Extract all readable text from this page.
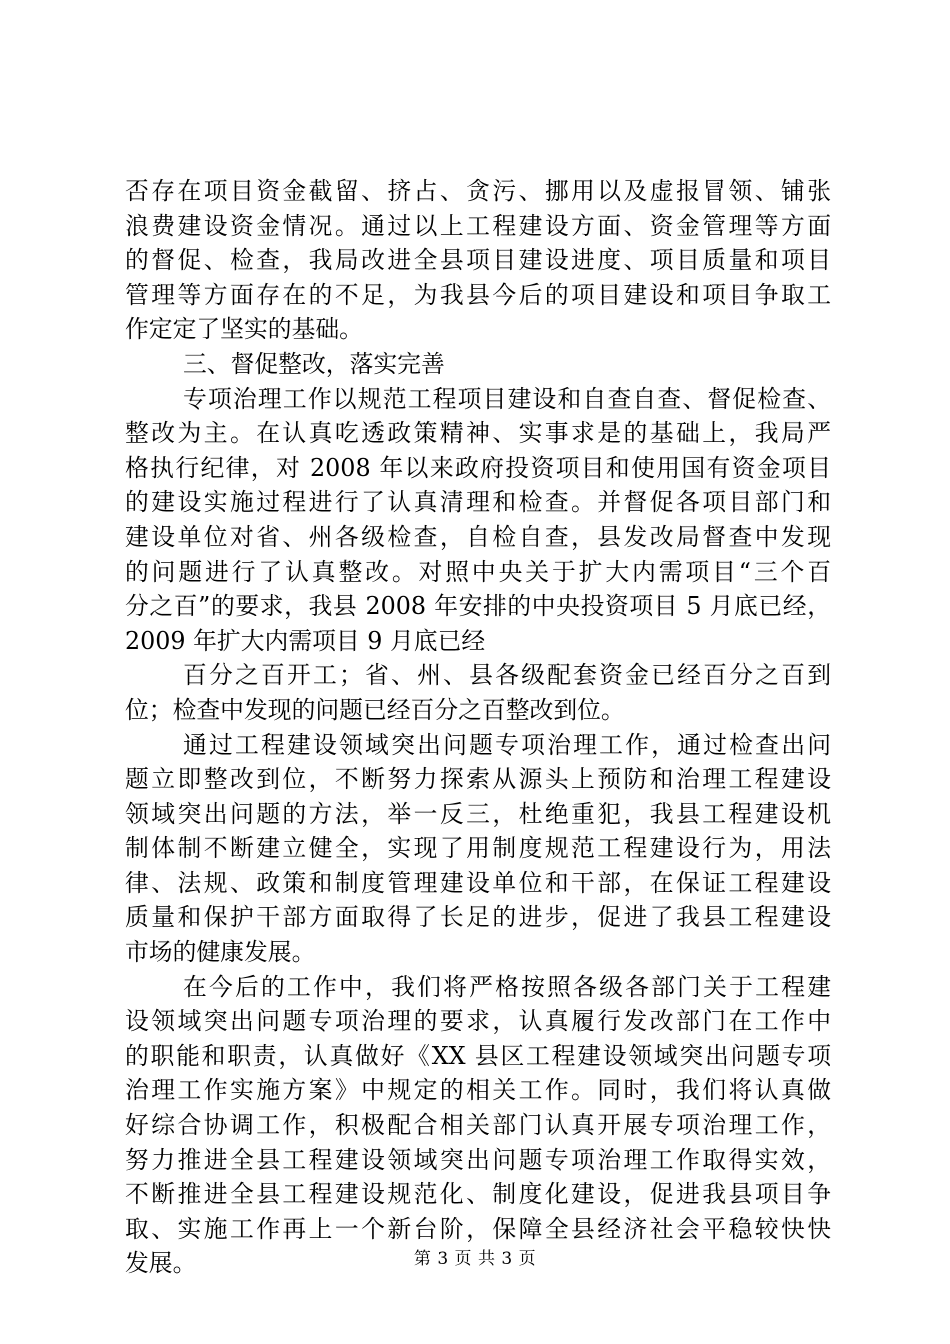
否存在项目资金截留、挤占、贪污、挪用以及虚报冒领、铺张
浪费建设资金情况。通过以上工程建设方面、资金管理等方面
的督促、检查，我局改进全县项目建设进度、项目质量和项目
管理等方面存在的不足，为我县今后的项目建设和项目争取工
作定定了坚实的基础。
三、督促整改，落实完善
专项治理工作以规范工程项目建设和自查自查、督促检查、
整改为主。在认真吃透政策精神、实事求是的基础上，我局严
格执行纪律，对 2008 年以来政府投资项目和使用国有资金项目
的建设实施过程进行了认真清理和检查。并督促各项目部门和
建设单位对省、州各级检查，自检自查，县发改局督查中发现
的问题进行了认真整改。对照中央关于扩大内需项目“三个百
分之百”的要求，我县 2008 年安排的中央投资项目 5 月底已经，
2009 年扩大内需项目 9 月底已经
百分之百开工；省、州、县各级配套资金已经百分之百到
位；检查中发现的问题已经百分之百整改到位。
通过工程建设领域突出问题专项治理工作，通过检查出问
题立即整改到位，不断努力探索从源头上预防和治理工程建设
领域突出问题的方法，举一反三，杜绝重犯，我县工程建设机
制体制不断建立健全，实现了用制度规范工程建设行为，用法
律、法规、政策和制度管理建设单位和干部，在保证工程建设
质量和保护干部方面取得了长足的进步，促进了我县工程建设
市场的健康发展。
在今后的工作中，我们将严格按照各级各部门关于工程建
设领域突出问题专项治理的要求，认真履行发改部门在工作中
的职能和职责，认真做好《XX 县区工程建设领域突出问题专项
治理工作实施方案》中规定的相关工作。同时，我们将认真做
好综合协调工作，积极配合相关部门认真开展专项治理工作，
努力推进全县工程建设领域突出问题专项治理工作取得实效，
不断推进全县工程建设规范化、制度化建设，促进我县项目争
取、实施工作再上一个新台阶，保障全县经济社会平稳较快快
发展。	第 3 页 共 3 页
